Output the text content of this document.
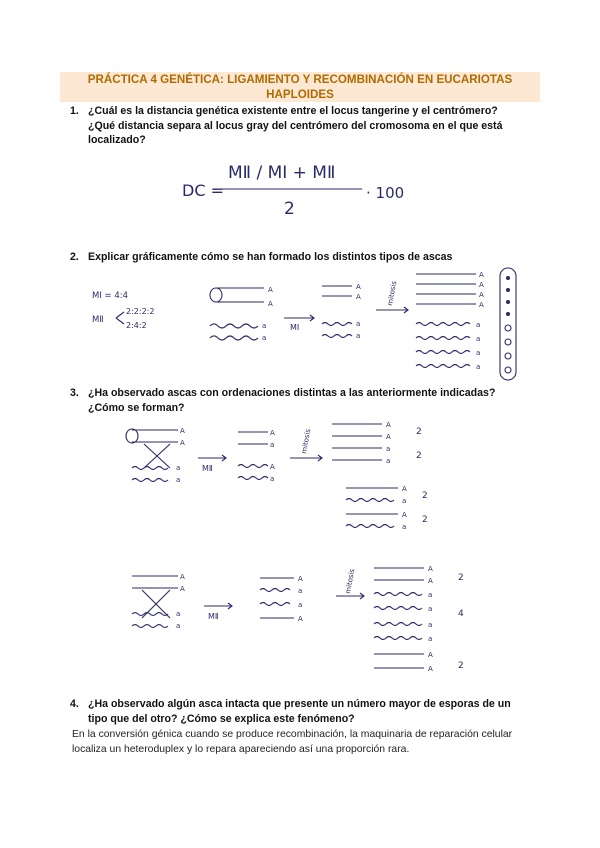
PRÁCTICA 4 GENÉTICA: LIGAMIENTO Y RECOMBINACIÓN EN EUCARIOTAS
HAPLOIDES
1. ¿Cuál es la distancia genética existente entre el locus tangerine y el centrómero? ¿Qué distancia separa al locus gray del centrómero del cromosoma en el que está localizado?
DC =
MⅡ / MⅠ + MⅡ
2
· 100
2. Explicar gráficamente cómo se han formado los distintos tipos de ascas
MⅠ = 4:4
MⅡ
2:2:2:2
2:4:2
A
A
a
a
MⅠ
A
A
a
a
mitosis
A
A
A
A
a
a
a
a
3. ¿Ha observado ascas con ordenaciones distintas a las anteriormente indicadas? ¿Cómo se forman?
A
A
a
a
MⅡ
A
a
A
a
mitosis
A
A
a
a
2
2
A
a
A
a
2
2
A
A
a
a
MⅡ
A
a
a
A
mitosis	A
A
a
a
2
4
a
a
A
A	2
4. ¿Ha observado algún asca intacta que presente un número mayor de esporas de un tipo que del otro? ¿Cómo se explica este fenómeno?
En la conversión génica cuando se produce recombinación, la maquinaria de reparación celular localiza un heteroduplex y lo repara apareciendo así una proporción rara.
